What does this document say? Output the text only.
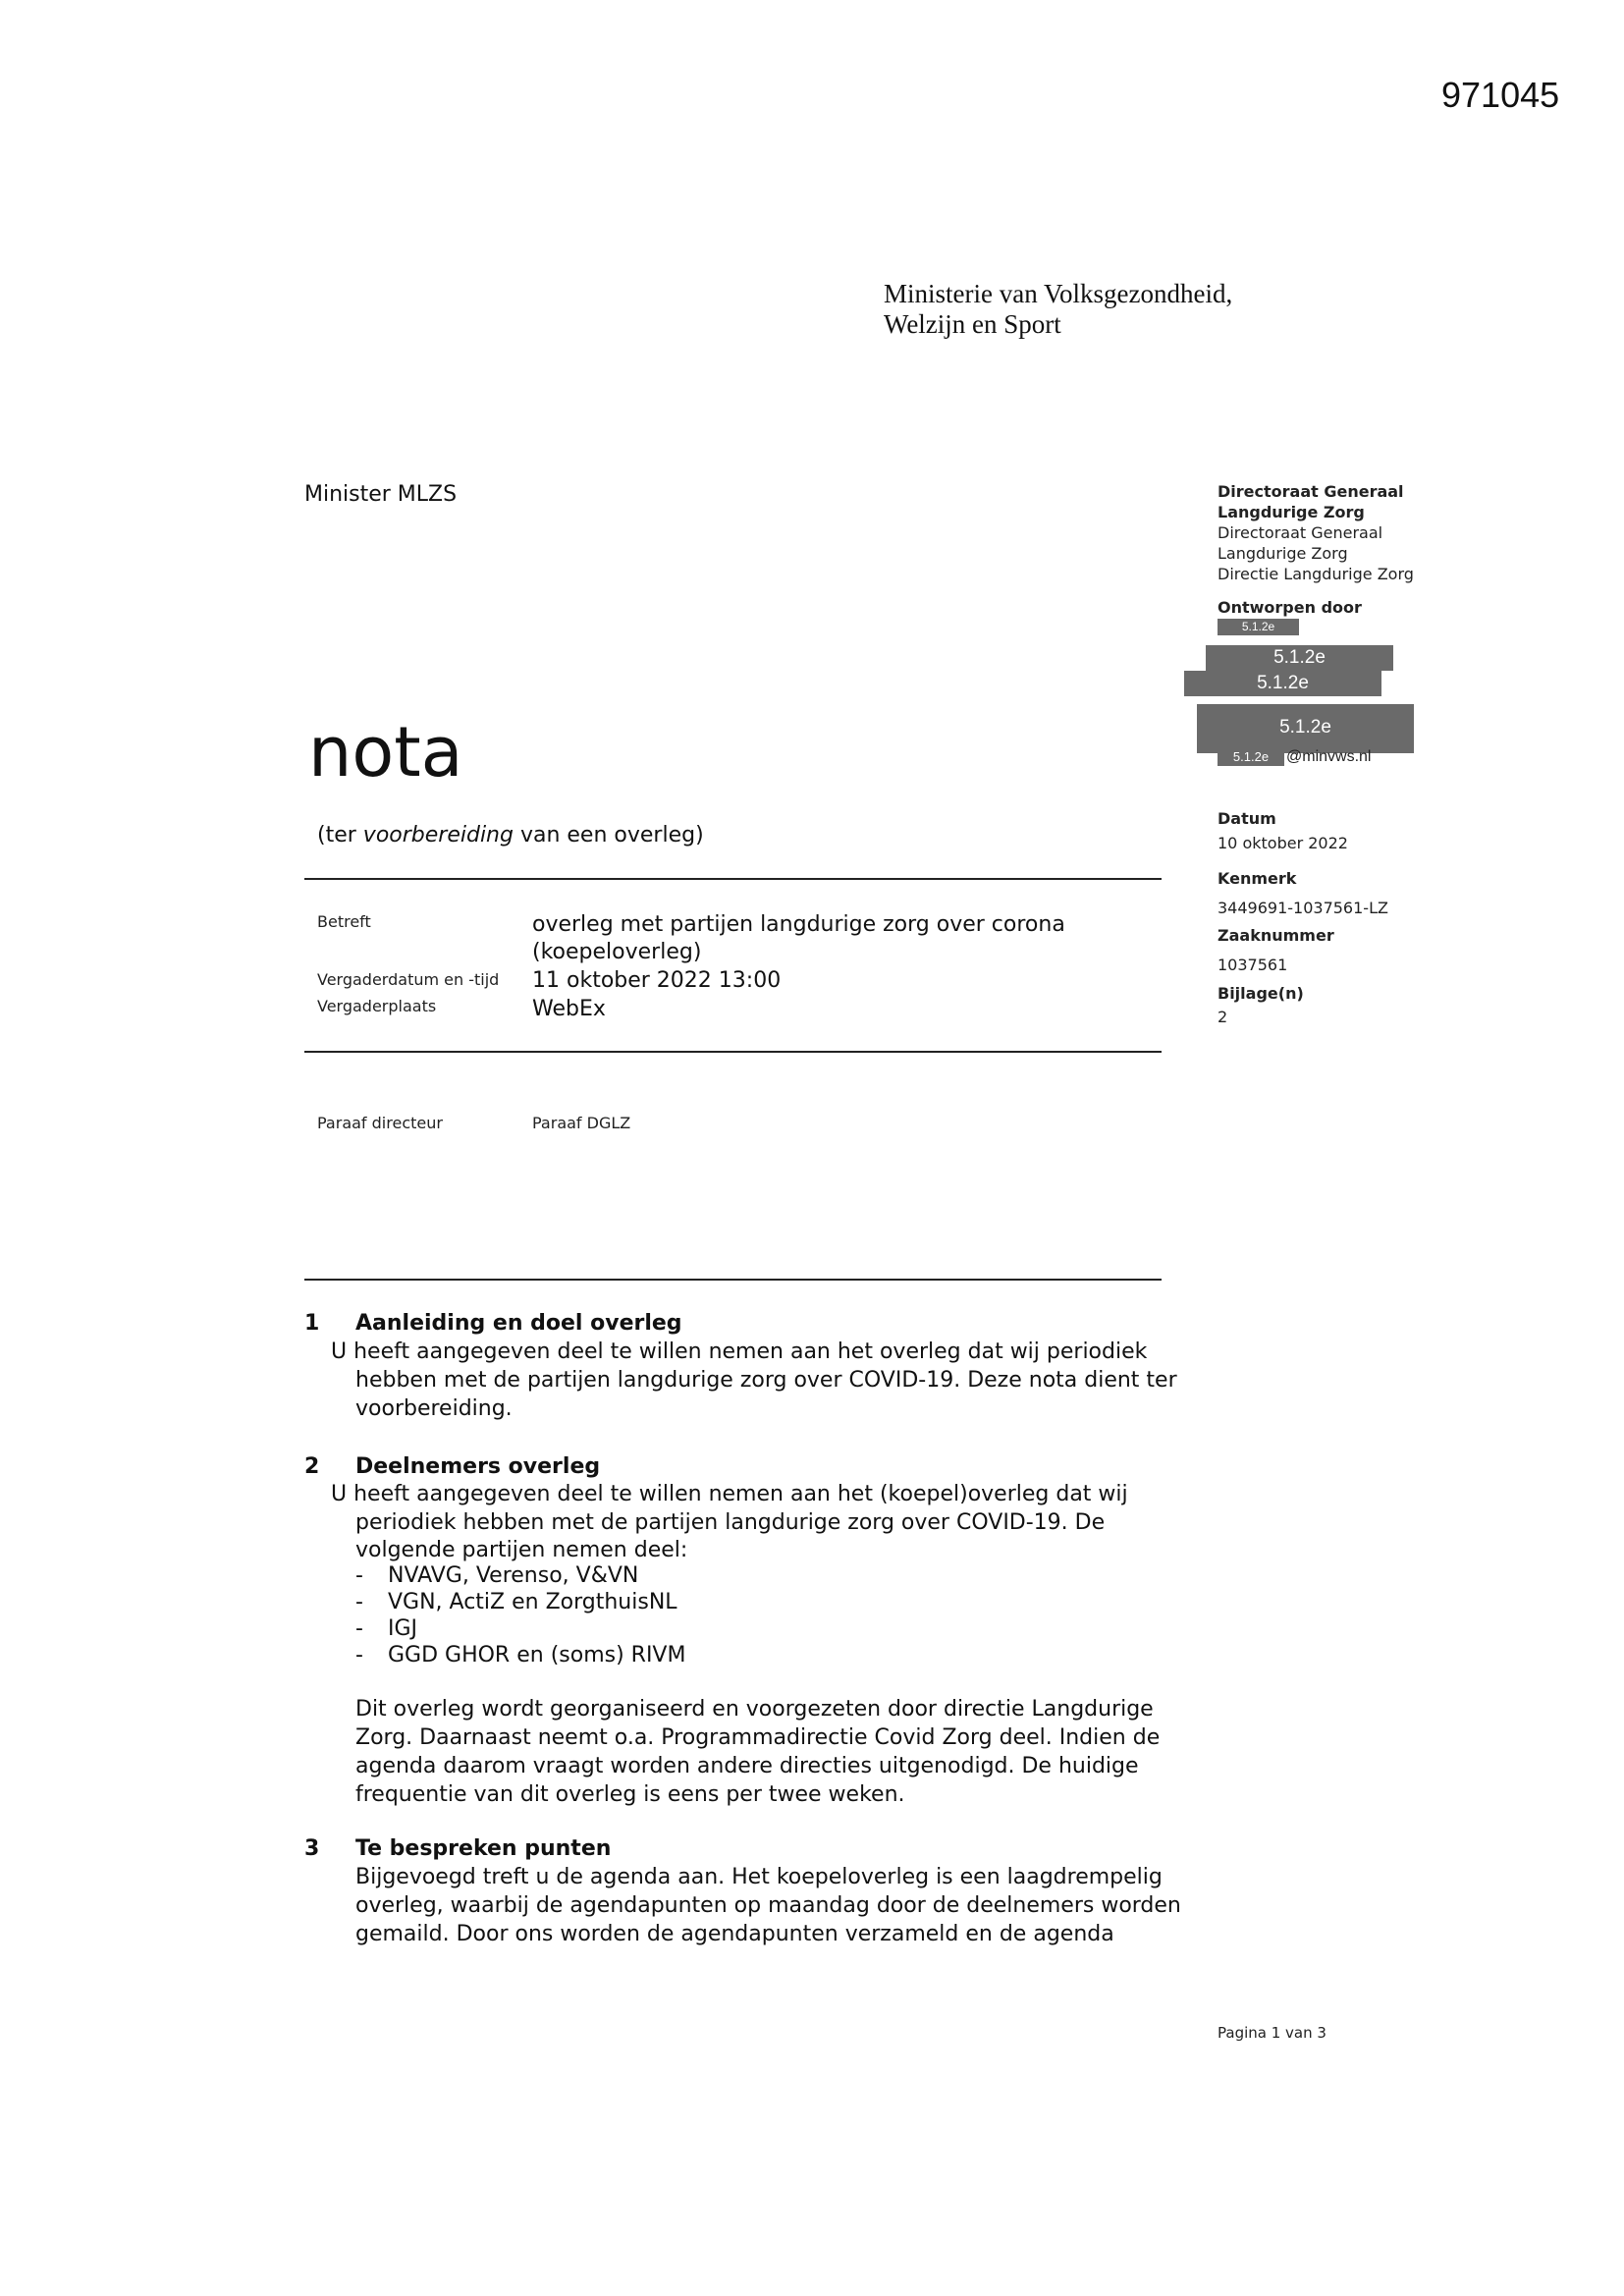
971045
Ministerie van Volksgezondheid,
Welzijn en Sport
Minister MLZS
nota
(ter voorbereiding van een overleg)
Betreft	overleg met partijen langdurige zorg over corona
(koepeloverleg)
Vergaderdatum en -tijd 11 oktober 2022 13:00
Vergaderplaats	WebEx
Paraaf directeur	Paraaf DGLZ
Directoraat Generaal
Langdurige Zorg
Directoraat Generaal
Langdurige Zorg
Directie Langdurige Zorg
Ontworpen door
5.1.2e
5.1.2e
5.1.2e
5.1.2e
5.1.2e	@minvws.nl
Datum
10 oktober 2022
Kenmerk
3449691-1037561-LZ
Zaaknummer
1037561
Bijlage(n)
2
1 Aanleiding en doel overleg
U heeft aangegeven deel te willen nemen aan het overleg dat wij periodiek
hebben met de partijen langdurige zorg over COVID-19. Deze nota dient ter
voorbereiding.
2 Deelnemers overleg
U heeft aangegeven deel te willen nemen aan het (koepel)overleg dat wij
periodiek hebben met de partijen langdurige zorg over COVID-19. De
volgende partijen nemen deel:
- NVAVG, Verenso, V&VN
- VGN, ActiZ en ZorgthuisNL
- IGJ
- GGD GHOR en (soms) RIVM
Dit overleg wordt georganiseerd en voorgezeten door directie Langdurige
Zorg. Daarnaast neemt o.a. Programmadirectie Covid Zorg deel. Indien de
agenda daarom vraagt worden andere directies uitgenodigd. De huidige
frequentie van dit overleg is eens per twee weken.
3 Te bespreken punten
Bijgevoegd treft u de agenda aan. Het koepeloverleg is een laagdrempelig
overleg, waarbij de agendapunten op maandag door de deelnemers worden
gemaild. Door ons worden de agendapunten verzameld en de agenda
Pagina 1 van 3
